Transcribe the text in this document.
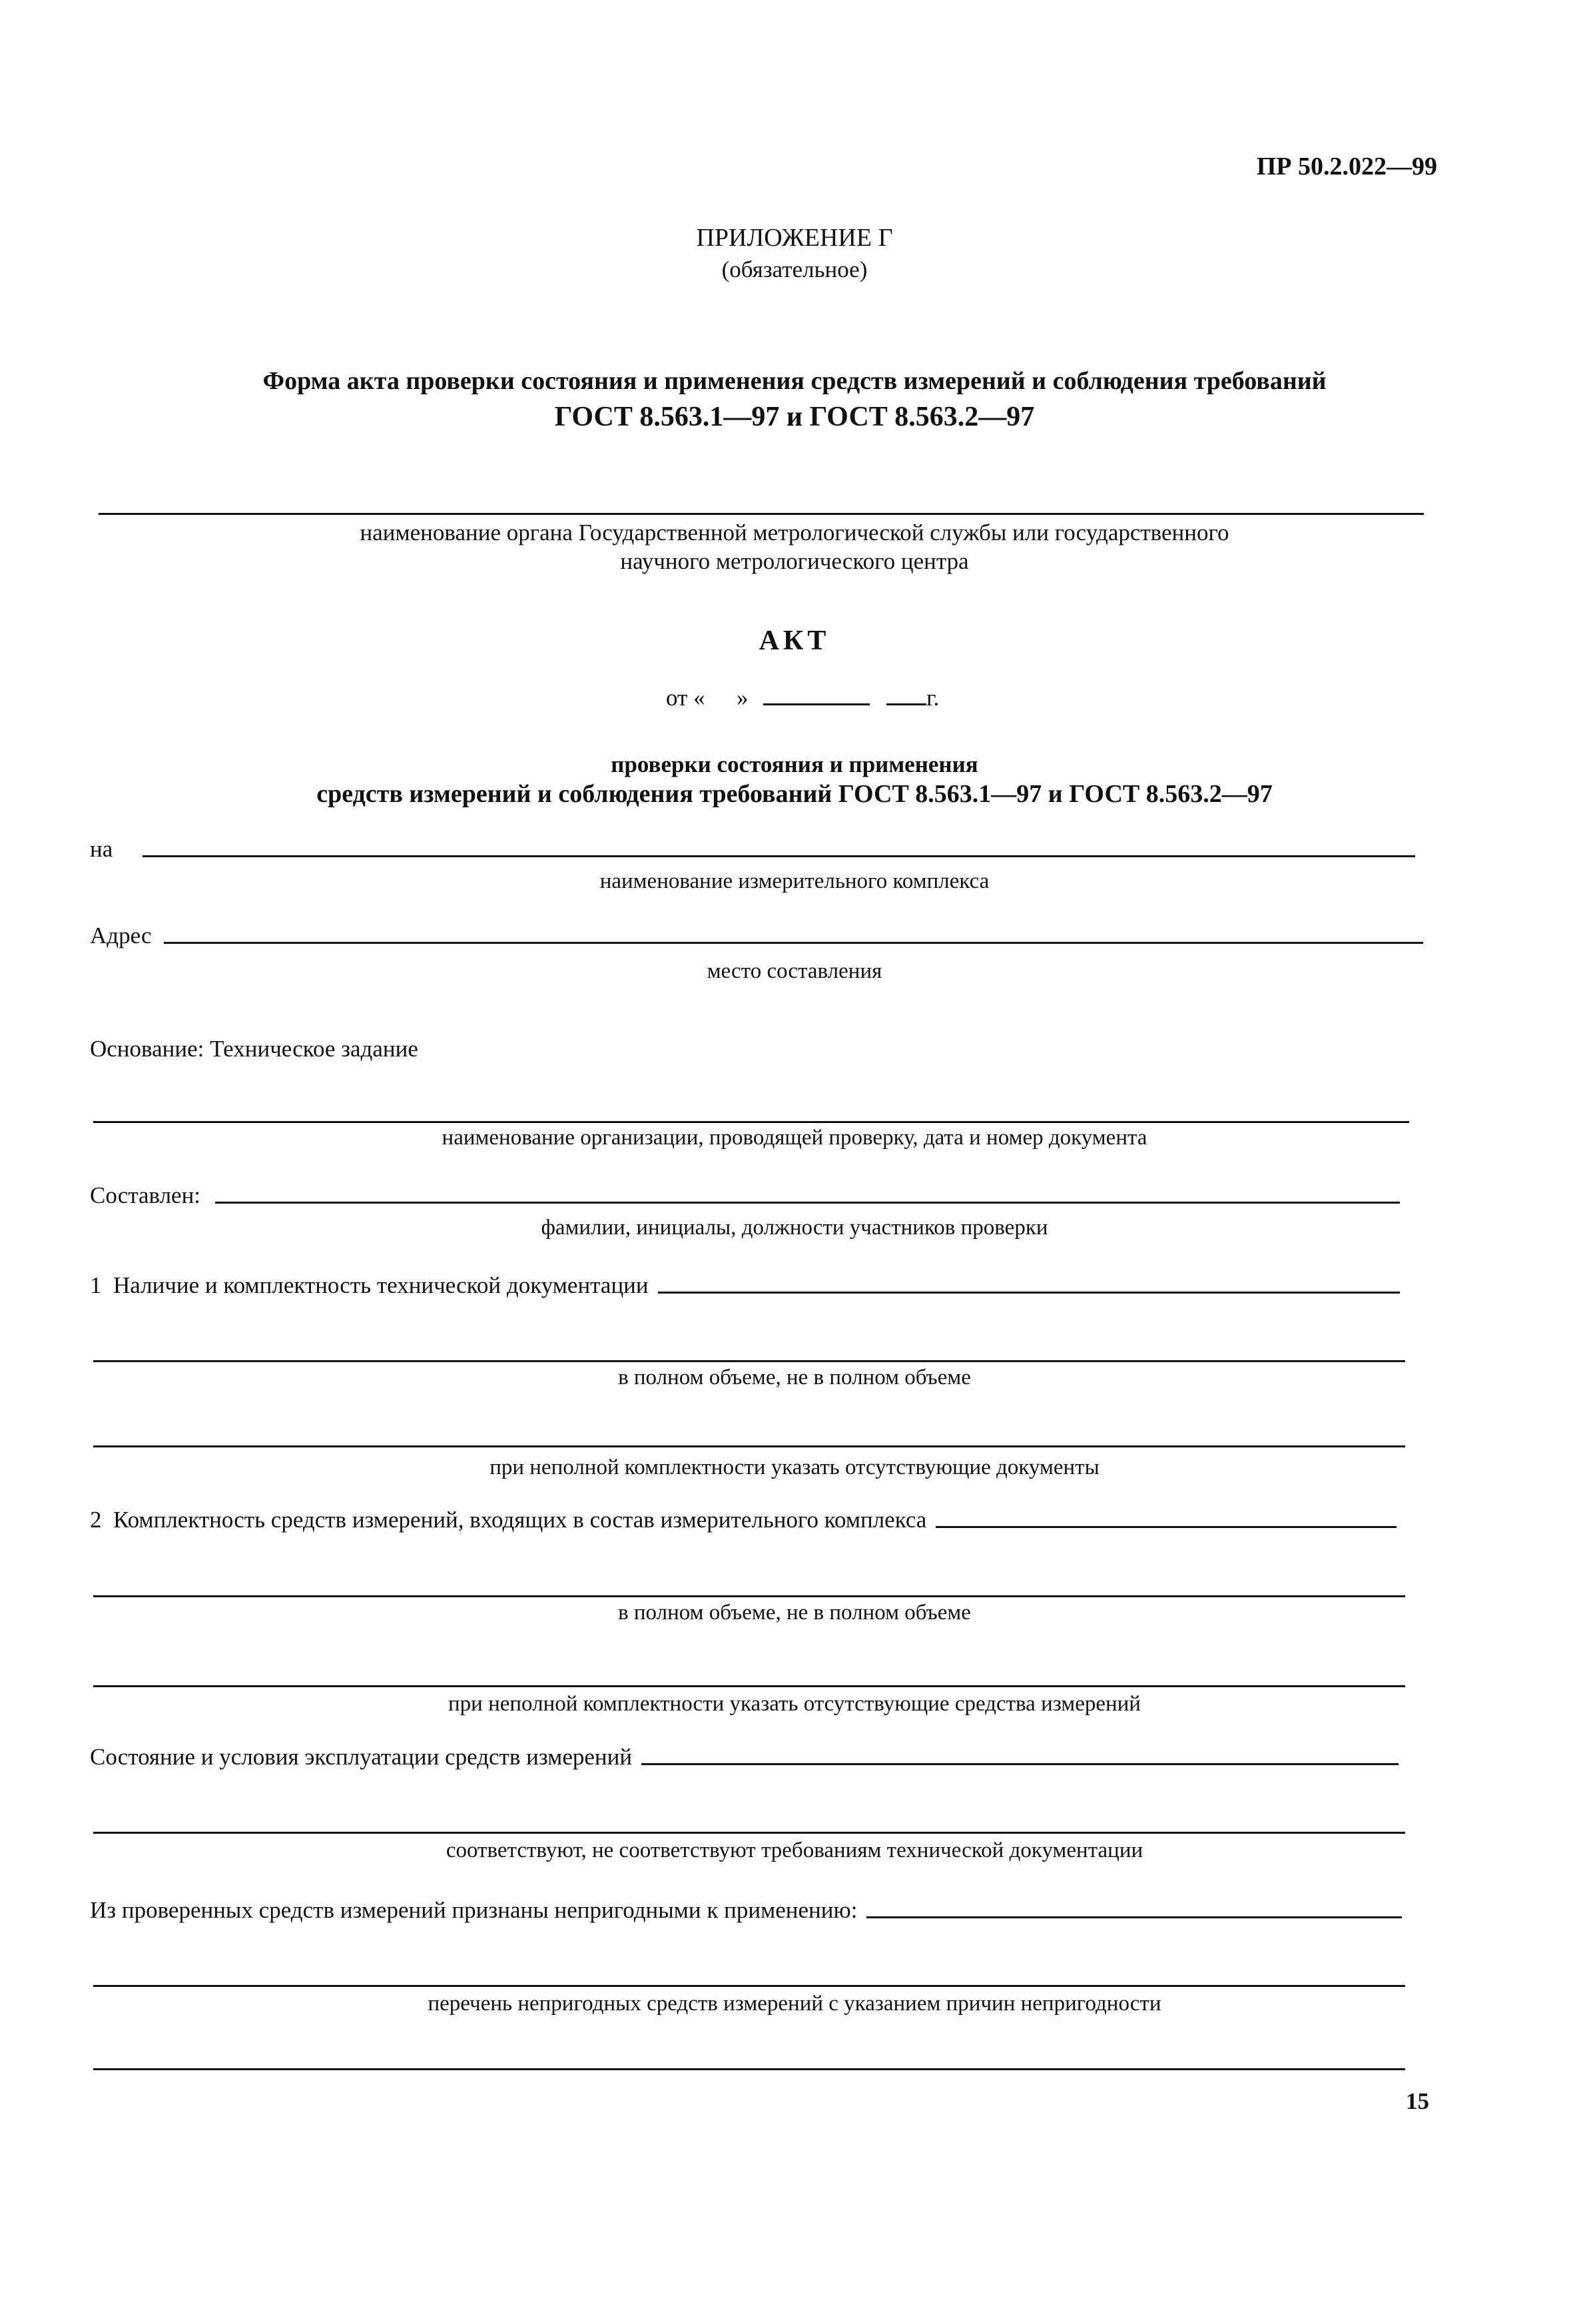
ПР 50.2.022—99
ПРИЛОЖЕНИЕ Г
(обязательное)
Форма акта проверки состояния и применения средств измерений и соблюдения требований
ГОСТ 8.563.1—97 и ГОСТ 8.563.2—97
наименование органа Государственной метрологической службы или государственного
научного метрологического центра
АКТ
от « »	г.
проверки состояния и применения
средств измерений и соблюдения требований ГОСТ 8.563.1—97 и ГОСТ 8.563.2—97
на
наименование измерительного комплекса
Адрес
место составления
Основание: Техническое задание
наименование организации, проводящей проверку, дата и номер документа
Составлен:
фамилии, инициалы, должности участников проверки
1  Наличие и комплектность технической документации
в полном объеме, не в полном объеме
при неполной комплектности указать отсутствующие документы
2  Комплектность средств измерений, входящих в состав измерительного комплекса
в полном объеме, не в полном объеме
при неполной комплектности указать отсутствующие средства измерений
Состояние и условия эксплуатации средств измерений
соответствуют, не соответствуют требованиям технической документации
Из проверенных средств измерений признаны непригодными к применению:
перечень непригодных средств измерений с указанием причин непригодности
15
